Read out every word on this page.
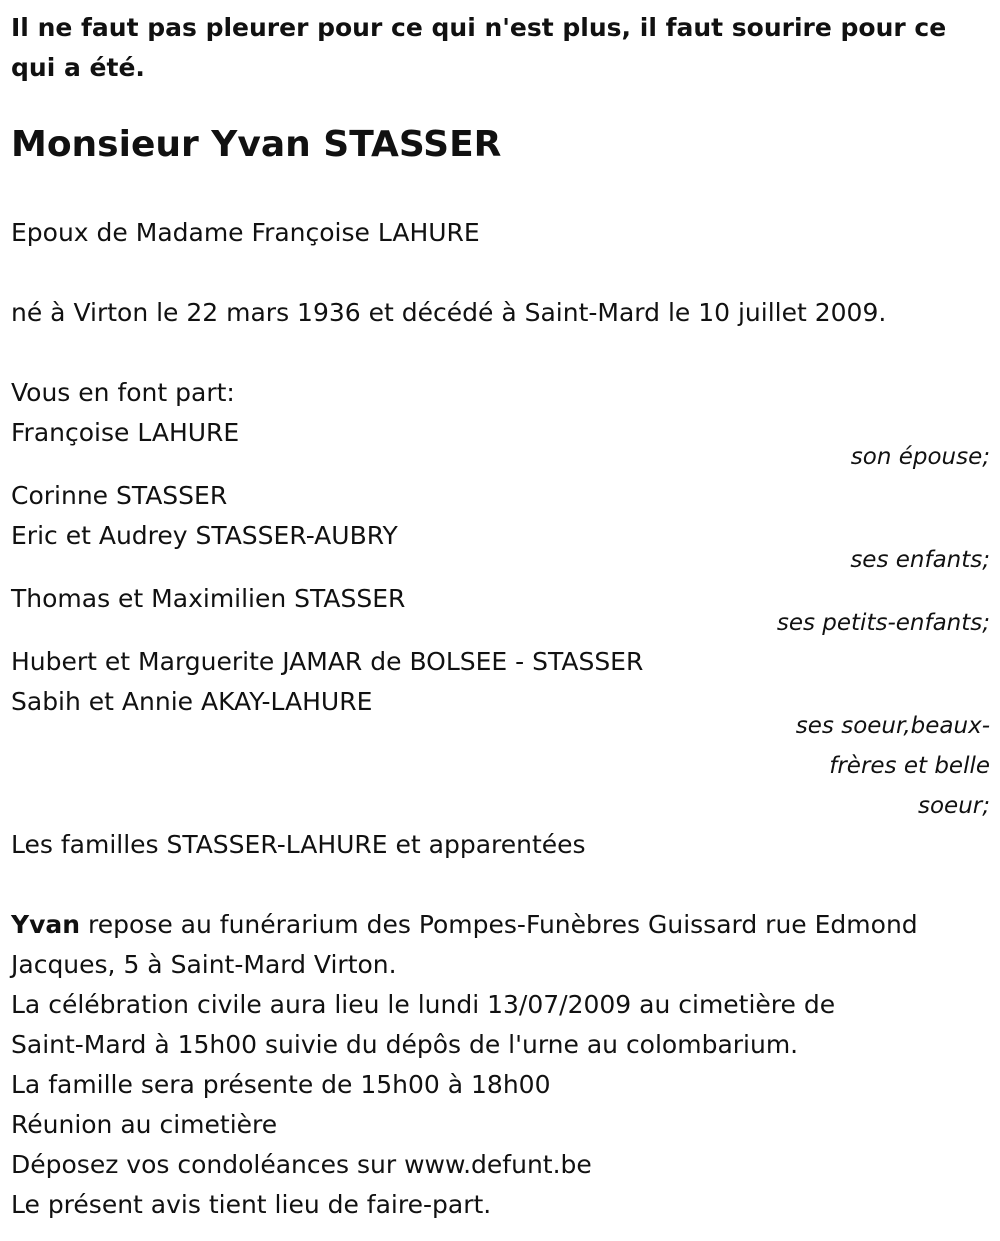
Il ne faut pas pleurer pour ce qui n'est plus, il faut sourire pour ce qui a été.
Monsieur Yvan STASSER
Epoux de Madame Françoise LAHURE
né à Virton le 22 mars 1936 et décédé à Saint-Mard le 10 juillet 2009.
Vous en font part:
Françoise LAHURE
son épouse;
Corinne STASSER
Eric et Audrey STASSER-AUBRY
ses enfants;
Thomas et Maximilien STASSER
ses petits-enfants;
Hubert et Marguerite JAMAR de BOLSEE - STASSER
Sabih et Annie AKAY-LAHURE
ses soeur,beaux-
frères et belle
soeur;
Les familles STASSER-LAHURE et apparentées
Yvan repose au funérarium des Pompes-Funèbres Guissard rue Edmond
Jacques, 5 à Saint-Mard Virton.
La célébration civile aura lieu le lundi 13/07/2009 au cimetière de
Saint-Mard à 15h00 suivie du dépôs de l'urne au colombarium.
La famille sera présente de 15h00 à 18h00
Réunion au cimetière
Déposez vos condoléances sur www.defunt.be
Le présent avis tient lieu de faire-part.
